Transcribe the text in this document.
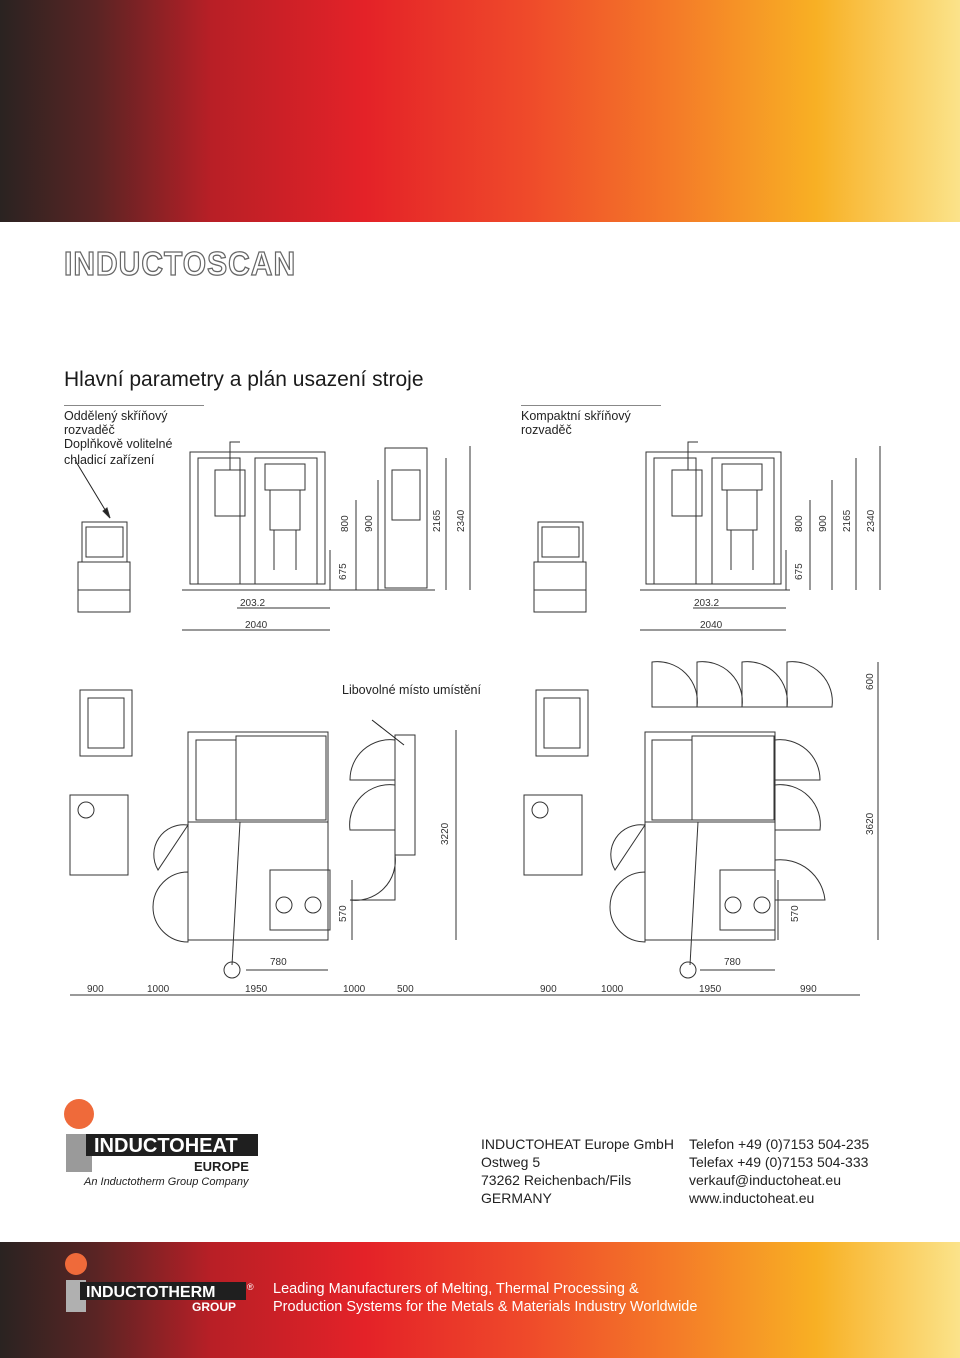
INDUCTOSCAN
Hlavní parametry a plán usazení stroje
Oddělený skříňový rozvaděč
Kompaktní skříňový rozvaděč
Doplňkově volitelné chladicí zařízení
675
800 900	2165 2340
203.2
2040
675
800 900 2165 2340
203.2
2040
3220
570
780
900	1000	1950	1000	500
600
3620
570
780
900	1000	1950	990
Libovolné místo umístění
INDUCTOHEAT
EUROPE
An Inductotherm Group Company
INDUCTOHEAT Europe GmbH
Ostweg 5
73262 Reichenbach/Fils
GERMANY
Telefon +49 (0)7153 504-235
Telefax +49 (0)7153 504-333
verkauf@inductoheat.eu
www.inductoheat.eu
INDUCTOTHERM	®
GROUP
Leading Manufacturers of Melting, Thermal Processing &
Production Systems for the Metals & Materials Industry Worldwide
